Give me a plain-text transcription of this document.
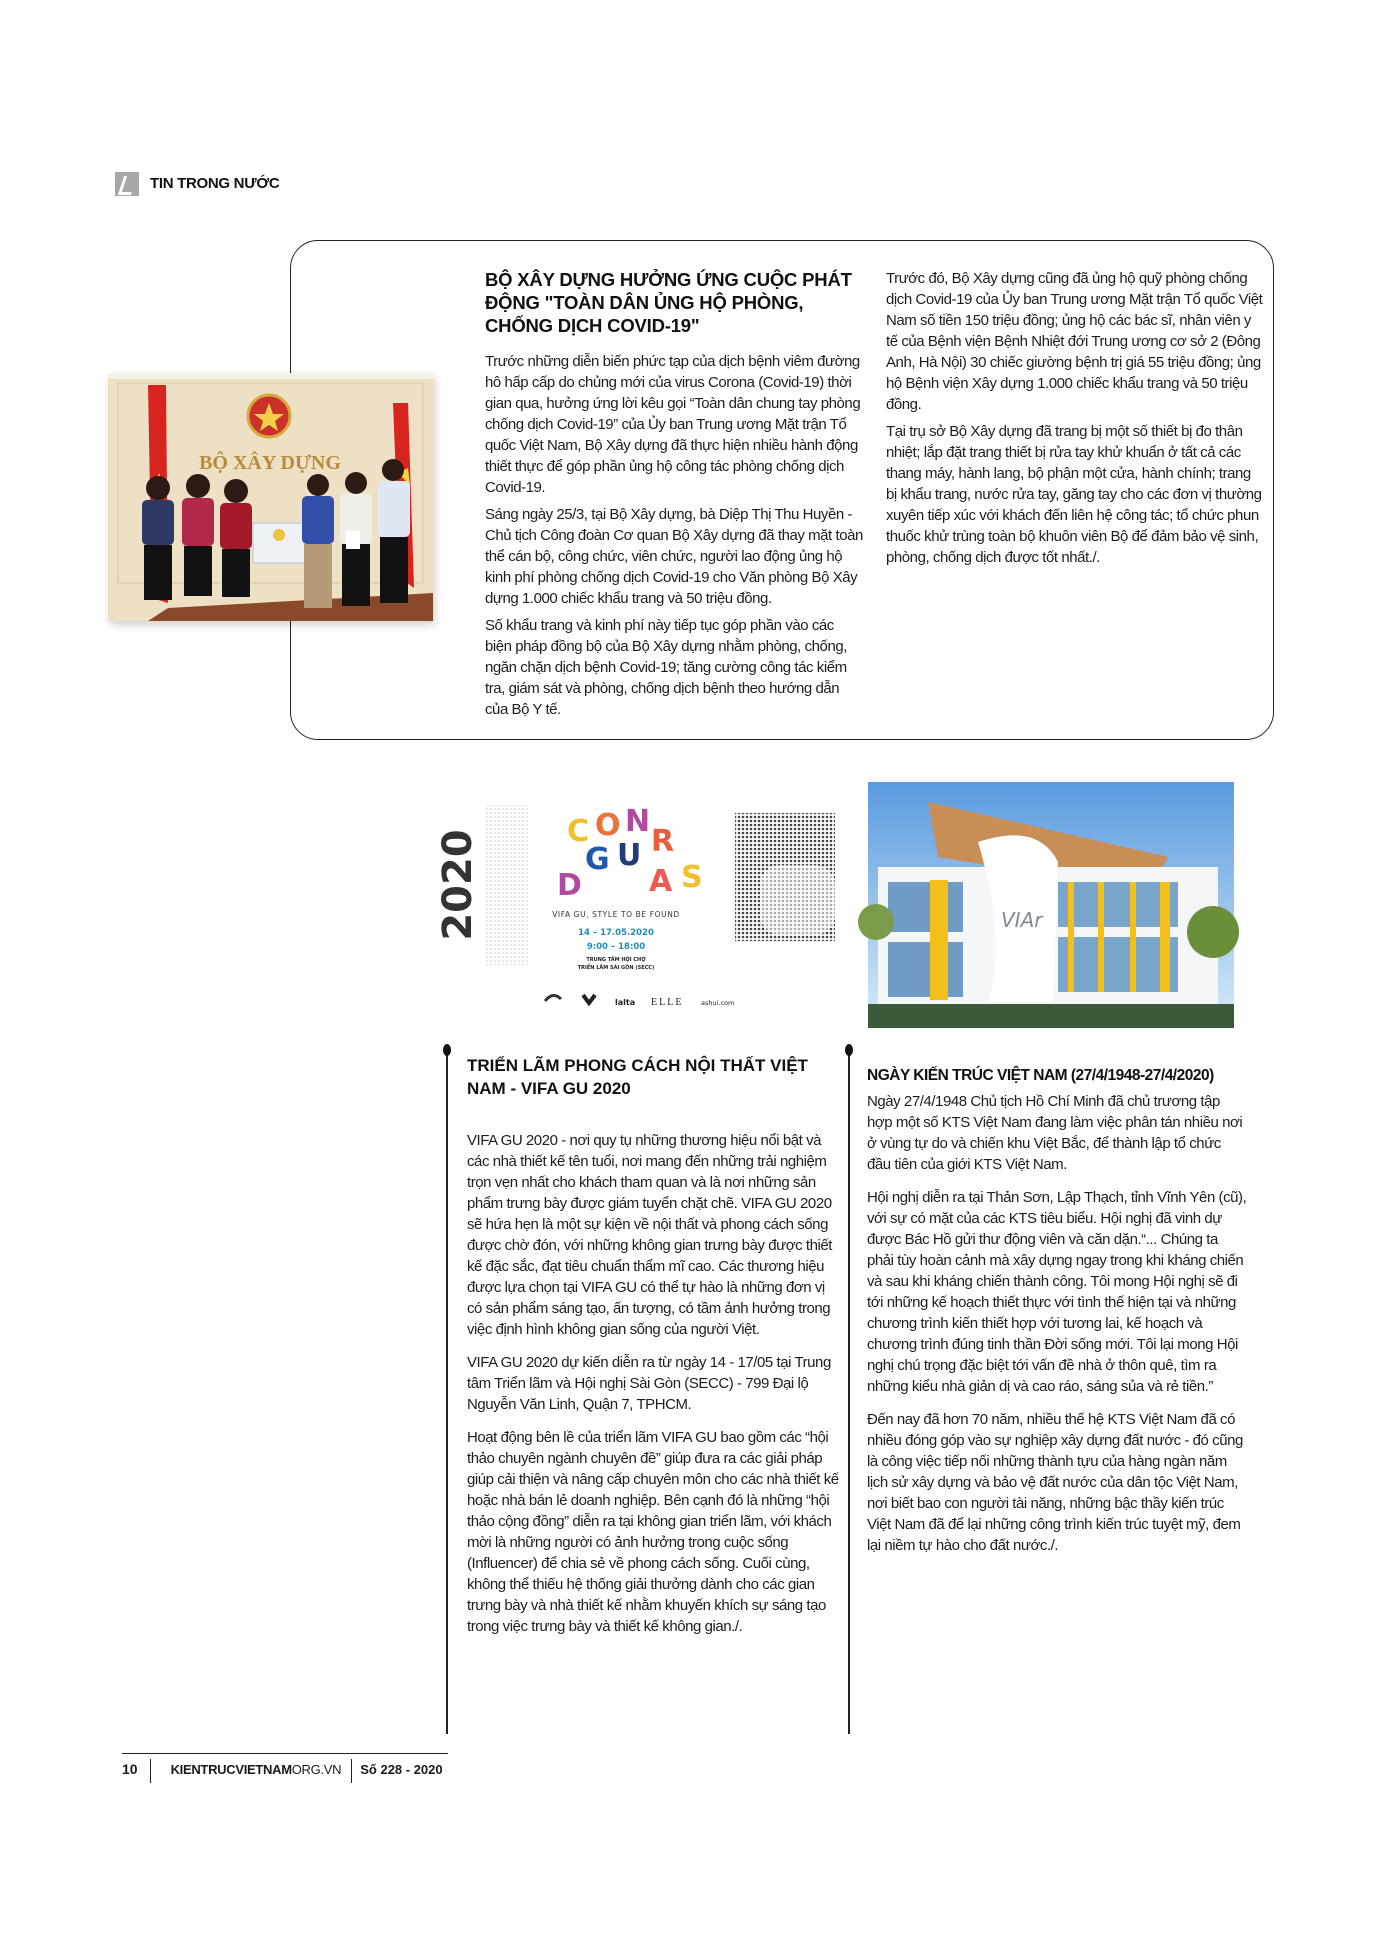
TIN TRONG NƯỚC
BỘ XÂY DỰNG
BỘ XÂY DỰNG HƯỞNG ỨNG CUỘC PHÁT ĐỘNG "TOÀN DÂN ỦNG HỘ PHÒNG, CHỐNG DỊCH COVID-19"

Trước những diễn biến phức tạp của dịch bệnh viêm đường hô hấp cấp do chủng mới của virus Corona (Covid-19) thời gian qua, hưởng ứng lời kêu gọi “Toàn dân chung tay phòng chống dịch Covid-19” của Ủy ban Trung ương Mặt trận Tổ quốc Việt Nam, Bộ Xây dựng đã thực hiện nhiều hành động thiết thực để góp phần ủng hộ công tác phòng chống dịch Covid-19.

Sáng ngày 25/3, tại Bộ Xây dựng, bà Diệp Thị Thu Huyền - Chủ tịch Công đoàn Cơ quan Bộ Xây dựng đã thay mặt toàn thể cán bộ, công chức, viên chức, người lao động ủng hộ kinh phí phòng chống dịch Covid-19 cho Văn phòng Bộ Xây dựng 1.000 chiếc khẩu trang và 50 triệu đồng.

Số khẩu trang và kinh phí này tiếp tục góp phần vào các biện pháp đồng bộ của Bộ Xây dựng nhằm phòng, chống, ngăn chặn dịch bệnh Covid-19; tăng cường công tác kiểm tra, giám sát và phòng, chống dịch bệnh theo hướng dẫn của Bộ Y tế.

Trước đó, Bộ Xây dựng cũng đã ủng hộ quỹ phòng chống dịch Covid-19 của Ủy ban Trung ương Mặt trận Tổ quốc Việt Nam số tiền 150 triệu đồng; ủng hộ các bác sĩ, nhân viên y tế của Bệnh viện Bệnh Nhiệt đới Trung ương cơ sở 2 (Đông Anh, Hà Nội) 30 chiếc giường bệnh trị giá 55 triệu đồng; ủng hộ Bệnh viện Xây dựng 1.000 chiếc khẩu trang và 50 triệu đồng.

Tại trụ sở Bộ Xây dựng đã trang bị một số thiết bị đo thân nhiệt; lắp đặt trang thiết bị rửa tay khử khuẩn ở tất cả các thang máy, hành lang, bộ phận một cửa, hành chính; trang bị khẩu trang, nước rửa tay, găng tay cho các đơn vị thường xuyên tiếp xúc với khách đến liên hệ công tác; tổ chức phun thuốc khử trùng toàn bộ khuôn viên Bộ để đảm bảo vệ sinh, phòng, chống dịch được tốt nhất./.

2020	C O N
G U R
D A S
VIFA GU, STYLE TO BE FOUND
14 – 17.05.2020
9:00 – 18:00
TRUNG TÂM HỘI CHỢ
TRIỂN LÃM SÀI GÒN (SECC)
lalta ELLE	ashui.com
VIAr
TRIỂN LÃM PHONG CÁCH NỘI THẤT VIỆT NAM - VIFA GU 2020

VIFA GU 2020 - nơi quy tụ những thương hiệu nổi bật và các nhà thiết kế tên tuổi, nơi mang đến những trải nghiệm trọn vẹn nhất cho khách tham quan và là nơi những sản phẩm trưng bày được giám tuyển chặt chẽ. VIFA GU 2020 sẽ hứa hẹn là một sự kiện về nội thất và phong cách sống được chờ đón, với những không gian trưng bày được thiết kế đặc sắc, đạt tiêu chuẩn thẩm mĩ cao. Các thương hiệu được lựa chọn tại VIFA GU có thể tự hào là những đơn vị có sản phẩm sáng tạo, ấn tượng, có tầm ảnh hưởng trong việc định hình không gian sống của người Việt.

VIFA GU 2020 dự kiến diễn ra từ ngày 14 - 17/05 tại Trung tâm Triển lãm và Hội nghị Sài Gòn (SECC) - 799 Đại lộ Nguyễn Văn Linh, Quận 7, TPHCM.

Hoạt động bên lề của triển lãm VIFA GU bao gồm các “hội thảo chuyên ngành chuyên đề” giúp đưa ra các giải pháp giúp cải thiện và nâng cấp chuyên môn cho các nhà thiết kế hoặc nhà bán lẻ doanh nghiệp. Bên cạnh đó là những “hội thảo cộng đồng” diễn ra tại không gian triển lãm, với khách mời là những người có ảnh hưởng trong cuộc sống (Influencer) để chia sẻ về phong cách sống. Cuối cùng, không thể thiếu hệ thống giải thưởng dành cho các gian trưng bày và nhà thiết kế nhằm khuyến khích sự sáng tạo trong việc trưng bày và thiết kế không gian./.

NGÀY KIẾN TRÚC VIỆT NAM (27/4/1948-27/4/2020)

Ngày 27/4/1948 Chủ tịch Hồ Chí Minh đã chủ trương tập hợp một số KTS Việt Nam đang làm việc phân tán nhiều nơi ở vùng tự do và chiến khu Việt Bắc, để thành lập tổ chức đầu tiên của giới KTS Việt Nam.

Hội nghị diễn ra tại Thản Sơn, Lập Thạch, tỉnh Vĩnh Yên (cũ), với sự có mặt của các KTS tiêu biểu. Hội nghị đã vinh dự được Bác Hồ gửi thư động viên và căn dặn.“... Chúng ta phải tùy hoàn cảnh mà xây dựng ngay trong khi kháng chiến và sau khi kháng chiến thành công. Tôi mong Hội nghị sẽ đi tới những kế hoạch thiết thực với tình thế hiện tại và những chương trình kiến thiết hợp với tương lai, kế hoạch và chương trình đúng tinh thần Đời sống mới. Tôi lại mong Hội nghị chú trọng đặc biệt tới vấn đề nhà ở thôn quê, tìm ra những kiểu nhà giản dị và cao ráo, sáng sủa và rẻ tiền.”

Đến nay đã hơn 70 năm, nhiều thế hệ KTS Việt Nam đã có nhiều đóng góp vào sự nghiệp xây dựng đất nước - đó cũng là công việc tiếp nối những thành tựu của hàng ngàn năm lịch sử xây dựng và bảo vệ đất nước của dân tộc Việt Nam, nơi biết bao con người tài năng, những bậc thầy kiến trúc Việt Nam đã để lại những công trình kiến trúc tuyệt mỹ, đem lại niềm tự hào cho đất nước./.

10	KIENTRUCVIETNAMORG.VN	Số 228 - 2020
